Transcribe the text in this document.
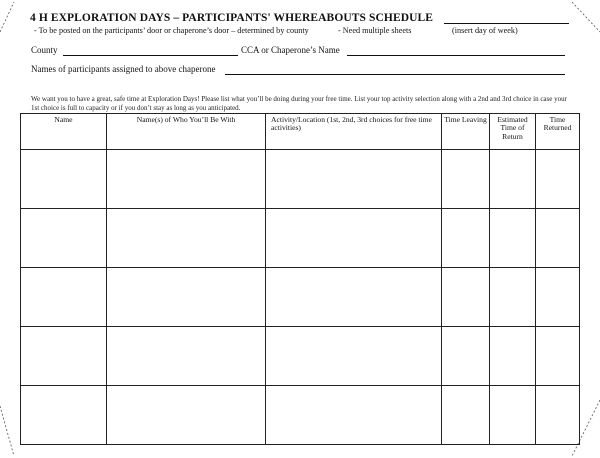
4 H EXPLORATION DAYS – PARTICIPANTS' WHEREABOUTS SCHEDULE
- To be posted on the participants’ door or chaperone’s door – determined by county	- Need multiple sheets	(insert day of week)
County	CCA or Chaperone’s Name
Names of participants assigned to above chaperone
We want you to have a great, safe time at Exploration Days! Please list what you’ll be doing during your free time. List your top activity selection along with a 2nd and 3rd choice in case your 1st choice is full to capacity or if you don’t stay as long as you anticipated.
Name	Name(s) of Who You’ll Be With	Activity/Location (1st, 2nd, 3rd choices for free time activities)	Time Leaving	Estimated Time of Return	Time Returned
